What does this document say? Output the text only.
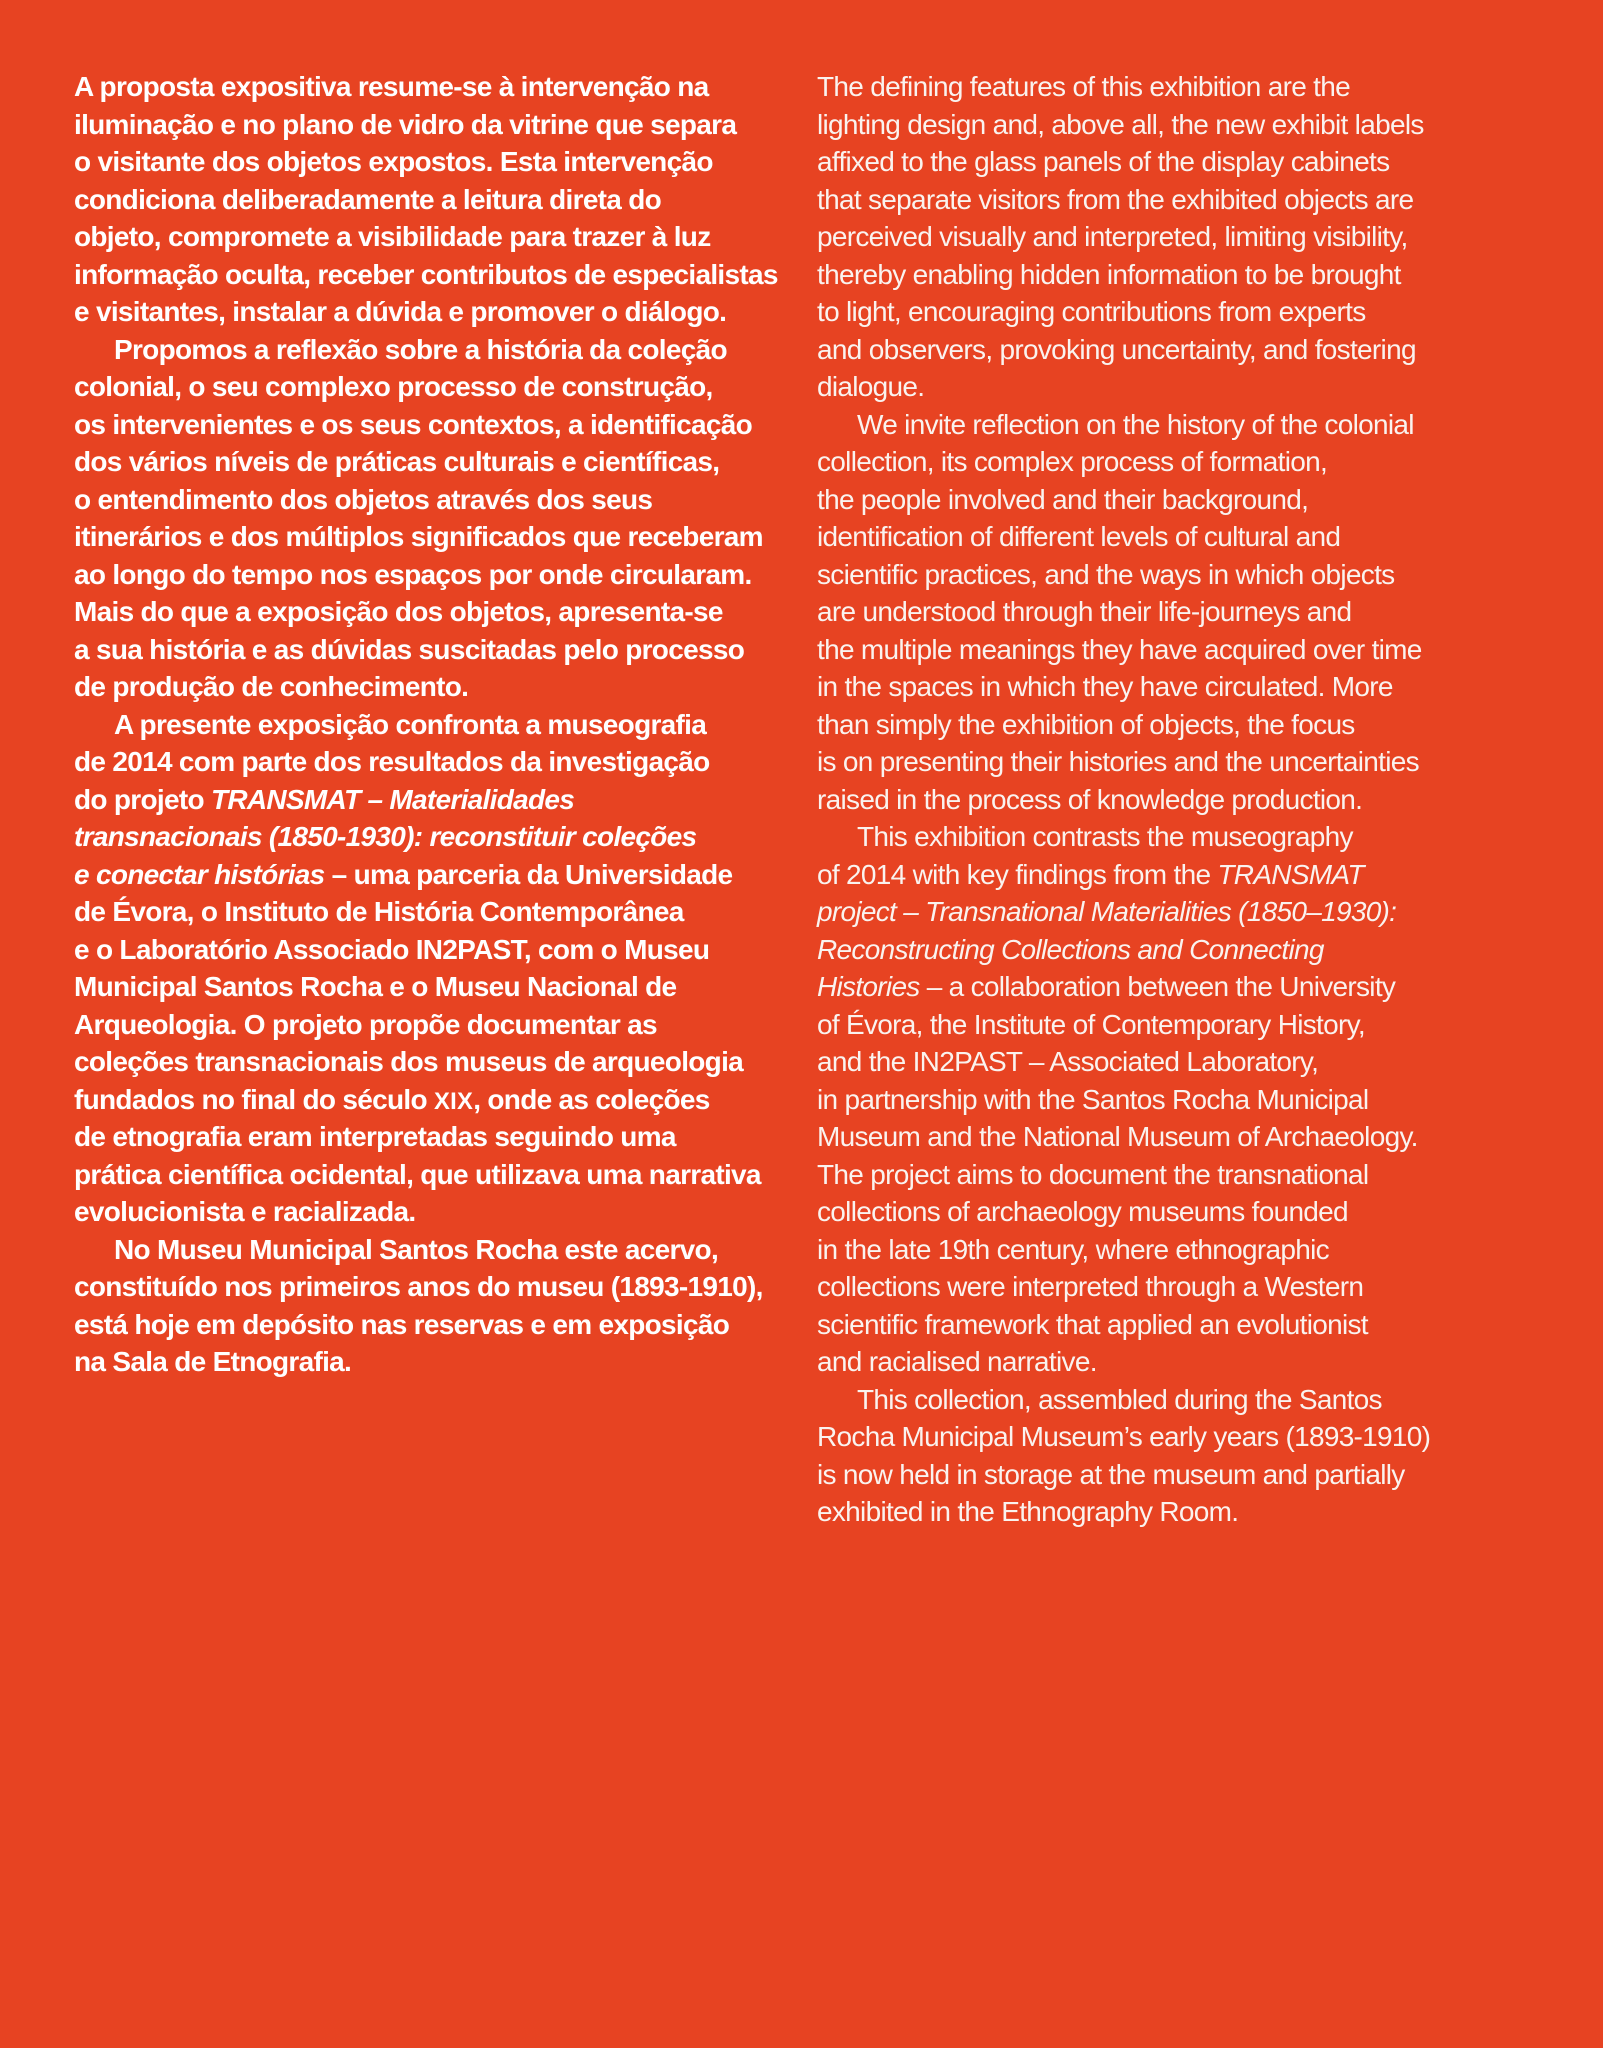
A proposta expositiva resume-se à intervenção na
iluminação e no plano de vidro da vitrine que separa
o visitante dos objetos expostos. Esta intervenção
condiciona deliberadamente a leitura direta do
objeto, compromete a visibilidade para trazer à luz
informação oculta, receber contributos de especialistas
e visitantes, instalar a dúvida e promover o diálogo.
Propomos a reflexão sobre a história da coleção
colonial, o seu complexo processo de construção,
os intervenientes e os seus contextos, a identificação
dos vários níveis de práticas culturais e científicas,
o entendimento dos objetos através dos seus
itinerários e dos múltiplos significados que receberam
ao longo do tempo nos espaços por onde circularam.
Mais do que a exposição dos objetos, apresenta-se
a sua história e as dúvidas suscitadas pelo processo
de produção de conhecimento.
A presente exposição confronta a museografia
de 2014 com parte dos resultados da investigação
do projeto TRANSMAT – Materialidades
transnacionais (1850-1930): reconstituir coleções
e conectar histórias – uma parceria da Universidade
de Évora, o Instituto de História Contemporânea
e o Laboratório Associado IN2PAST, com o Museu
Municipal Santos Rocha e o Museu Nacional de
Arqueologia. O projeto propõe documentar as
coleções transnacionais dos museus de arqueologia
fundados no final do século XIX, onde as coleções
de etnografia eram interpretadas seguindo uma
prática científica ocidental, que utilizava uma narrativa
evolucionista e racializada.
No Museu Municipal Santos Rocha este acervo,
constituído nos primeiros anos do museu (1893-1910),
está hoje em depósito nas reservas e em exposição
na Sala de Etnografia.
The defining features of this exhibition are the
lighting design and, above all, the new exhibit labels
affixed to the glass panels of the display cabinets
that separate visitors from the exhibited objects are
perceived visually and interpreted, limiting visibility,
thereby enabling hidden information to be brought
to light, encouraging contributions from experts
and observers, provoking uncertainty, and fostering
dialogue.
We invite reflection on the history of the colonial
collection, its complex process of formation,
the people involved and their background,
identification of different levels of cultural and
scientific practices, and the ways in which objects
are understood through their life-journeys and
the multiple meanings they have acquired over time
in the spaces in which they have circulated. More
than simply the exhibition of objects, the focus
is on presenting their histories and the uncertainties
raised in the process of knowledge production.
This exhibition contrasts the museography
of 2014 with key findings from the TRANSMAT
project – Transnational Materialities (1850–1930):
Reconstructing Collections and Connecting
Histories – a collaboration between the University
of Évora, the Institute of Contemporary History,
and the IN2PAST – Associated Laboratory,
in partnership with the Santos Rocha Municipal
Museum and the National Museum of Archaeology.
The project aims to document the transnational
collections of archaeology museums founded
in the late 19th century, where ethnographic
collections were interpreted through a Western
scientific framework that applied an evolutionist
and racialised narrative.
This collection, assembled during the Santos
Rocha Municipal Museum’s early years (1893-1910)
is now held in storage at the museum and partially
exhibited in the Ethnography Room.
